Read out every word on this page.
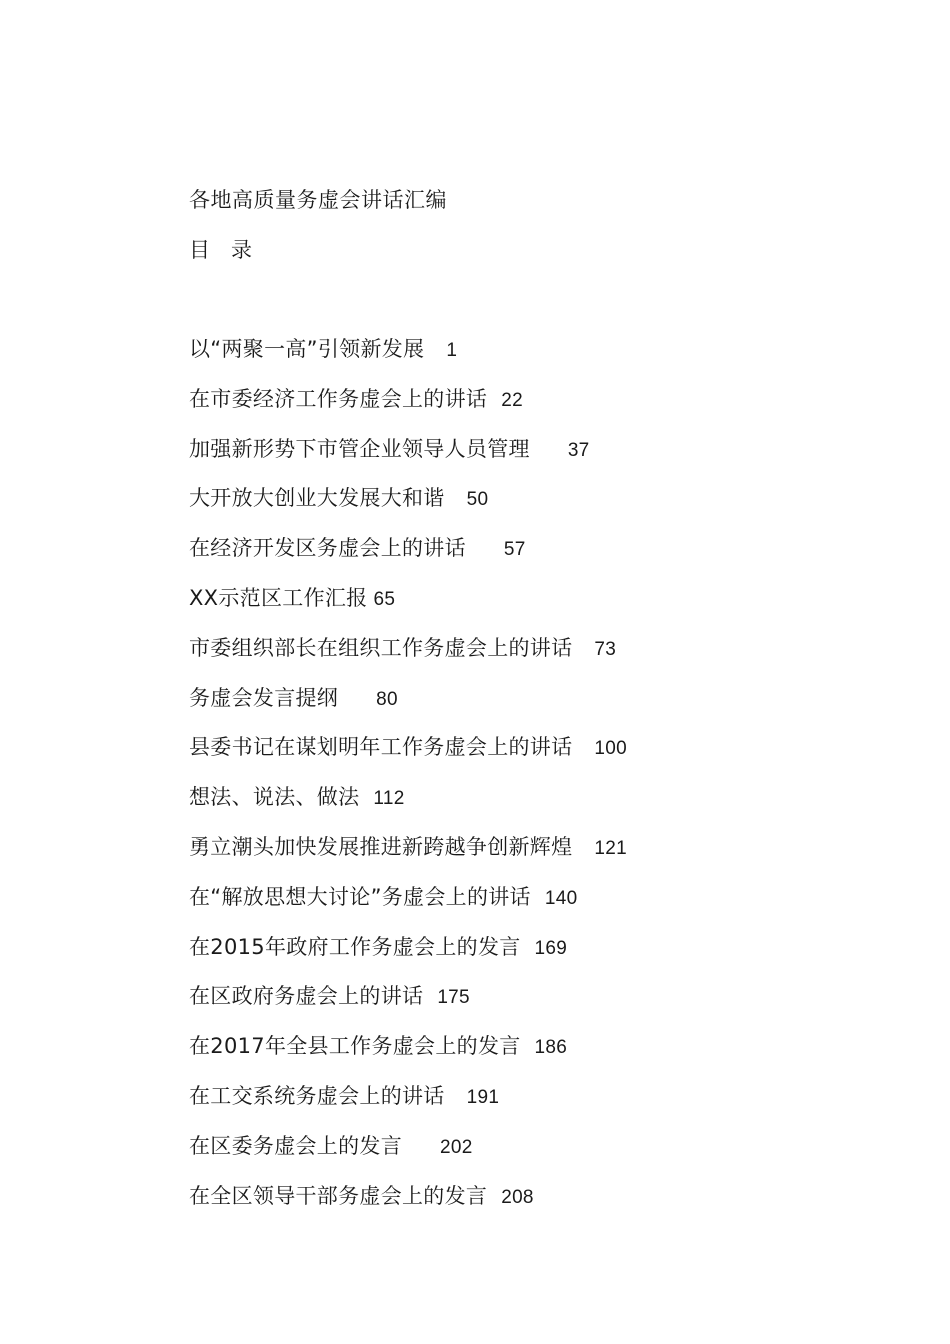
各地高质量务虚会讲话汇编
目　录
以“两聚一高”引领新发展 1
在市委经济工作务虚会上的讲话 22
加强新形势下市管企业领导人员管理 37
大开放大创业大发展大和谐 50
在经济开发区务虚会上的讲话 57
XX示范区工作汇报 65
市委组织部长在组织工作务虚会上的讲话 73
务虚会发言提纲 80
县委书记在谋划明年工作务虚会上的讲话 100
想法、说法、做法 112
勇立潮头加快发展推进新跨越争创新辉煌 121
在“解放思想大讨论”务虚会上的讲话 140
在2015年政府工作务虚会上的发言 169
在区政府务虚会上的讲话 175
在2017年全县工作务虚会上的发言 186
在工交系统务虚会上的讲话 191
在区委务虚会上的发言 202
在全区领导干部务虚会上的发言 208
